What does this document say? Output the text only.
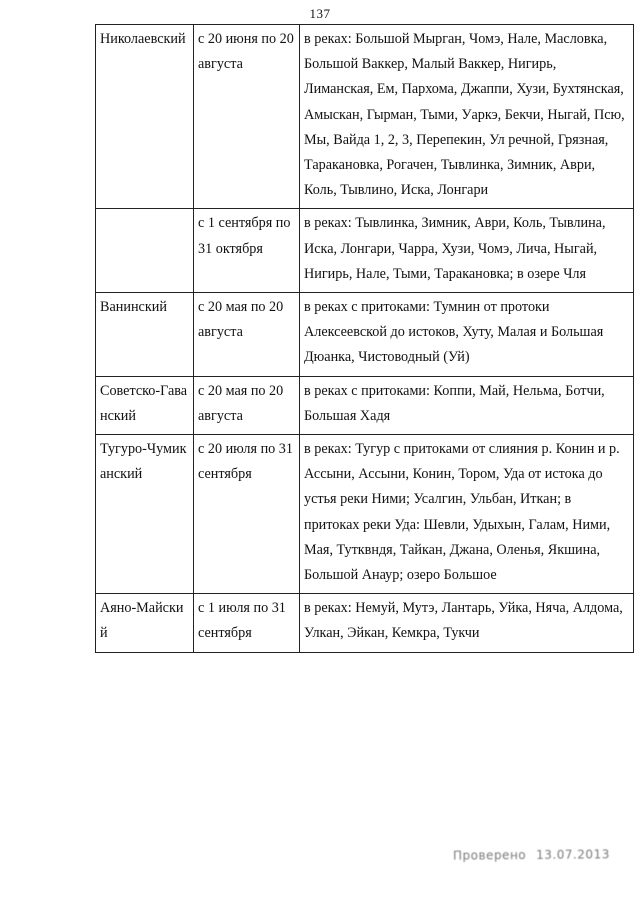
137
Николаевский	с 20 июня по 20 августа	в реках: Большой Мырган, Чомэ, Нале, Масловка, Большой Ваккер, Малый Ваккер, Нигирь, Лиманская, Ем, Пархома, Джаппи, Хузи, Бухтянская, Амыскан, Гырман, Тыми, Уаркэ, Бекчи, Ныгай, Псю, Мы, Вайда 1, 2, 3, Перепекин, Ул речной, Грязная, Таракановка, Рогачен, Тывлинка, Зимник, Аври, Коль, Тывлино, Иска, Лонгари
	с 1 сентября по 31 октября	в реках: Тывлинка, Зимник, Аври, Коль, Тывлина, Иска, Лонгари, Чарра, Хузи, Чомэ, Лича, Ныгай, Нигирь, Нале, Тыми, Таракановка; в озере Чля
Ванинский	с 20 мая по 20 августа	в реках с притоками: Тумнин от протоки Алексеевской до истоков, Хуту, Малая и Большая Дюанка, Чистоводный (Уй)
Советско-Гаванский	с 20 мая по 20 августа	в реках с притоками: Коппи, Май, Нельма, Ботчи, Большая Хадя
Тугуро-Чумиканский	с 20 июля по 31 сентября	в реках: Тугур с притоками от слияния р. Конин и р. Ассыни, Ассыни, Конин, Тором, Уда от истока до устья реки Ними; Усалгин, Ульбан, Иткан; в притоках реки Уда: Шевли, Удыхын, Галам, Ними, Мая, Тутквндя, Тайкан, Джана, Оленья, Якшина, Большой Анаур; озеро Большое
Аяно-Майский	с 1 июля по 31 сентября	в реках: Немуй, Мутэ, Лантарь, Уйка, Няча, Алдома, Улкан, Эйкан, Кемкра, Тукчи
Проверено 13.07.2013
